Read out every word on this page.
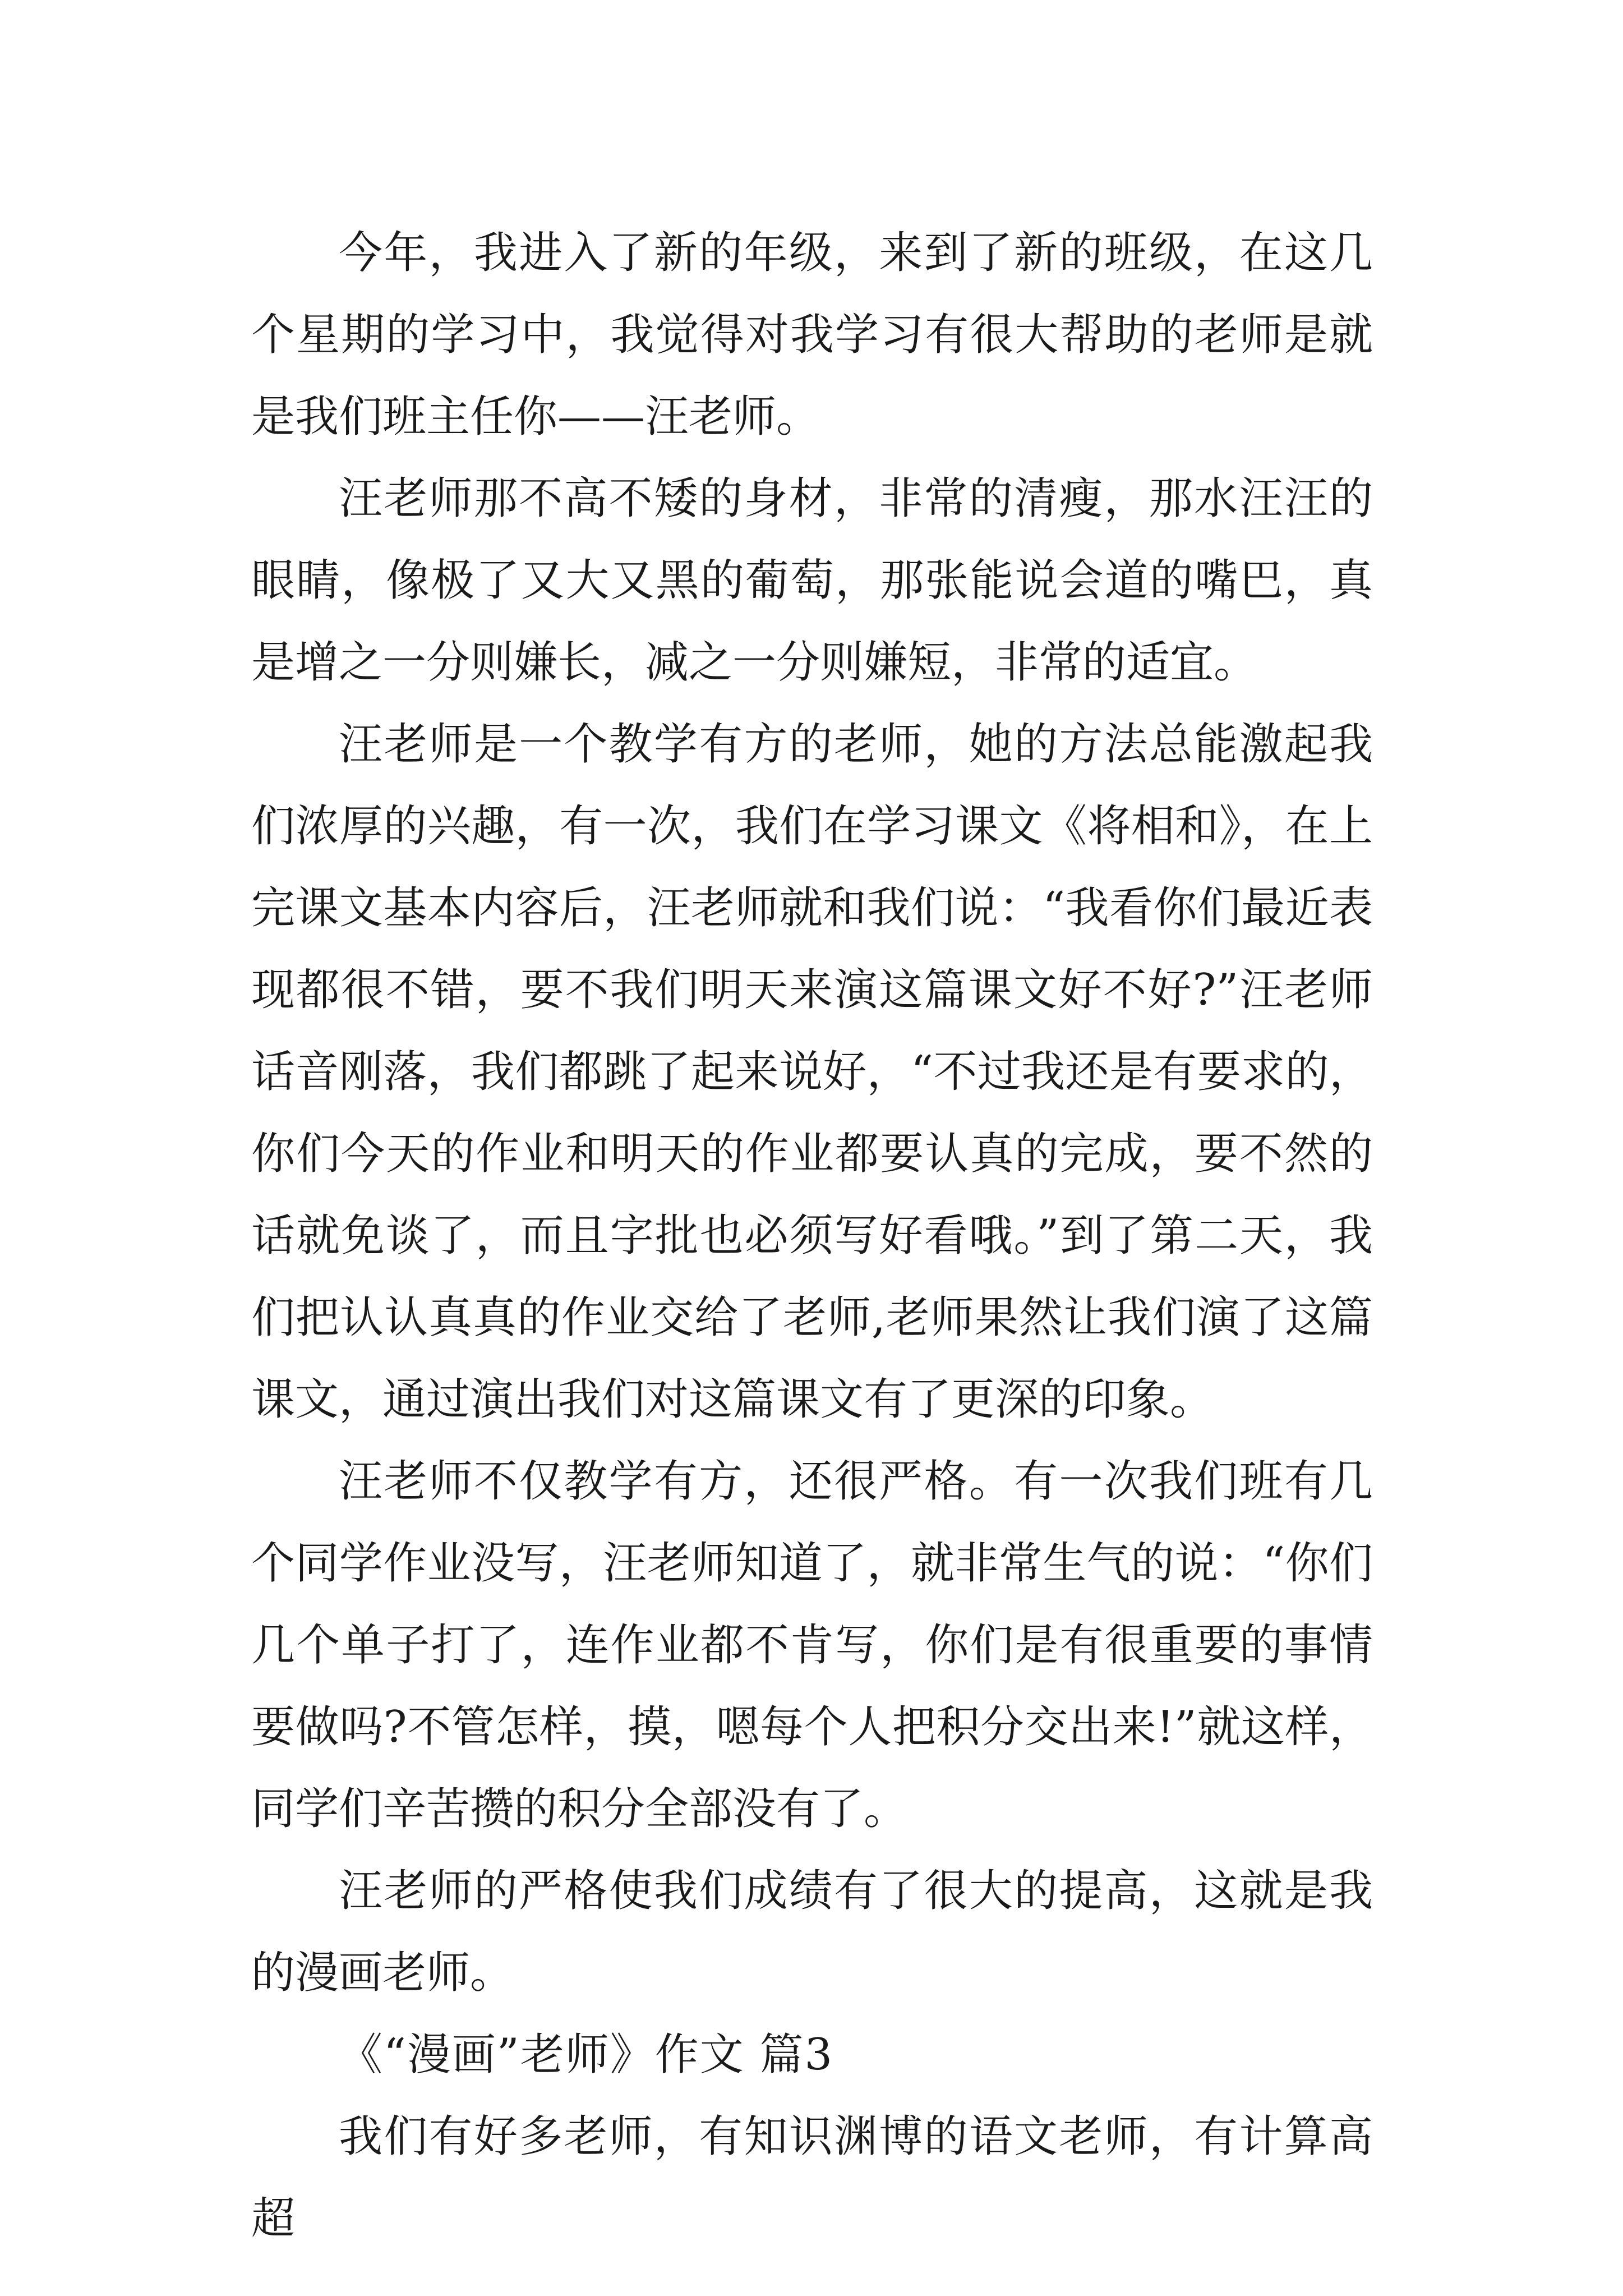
今年，我进入了新的年级，来到了新的班级，在这几个星期的学习中，我觉得对我学习有很大帮助的老师是就是我们班主任你——汪老师。

汪老师那不高不矮的身材，非常的清瘦，那水汪汪的眼睛，像极了又大又黑的葡萄，那张能说会道的嘴巴，真是增之一分则嫌长，减之一分则嫌短，非常的适宜。

汪老师是一个教学有方的老师，她的方法总能激起我们浓厚的兴趣，有一次，我们在学习课文《将相和》，在上完课文基本内容后，汪老师就和我们说：“我看你们最近表现都很不错，要不我们明天来演这篇课文好不好?”汪老师话音刚落，我们都跳了起来说好，“不过我还是有要求的，你们今天的作业和明天的作业都要认真的完成，要不然的话就免谈了，而且字批也必须写好看哦。”到了第二天，我们把认认真真的作业交给了老师,老师果然让我们演了这篇课文，通过演出我们对这篇课文有了更深的印象。

汪老师不仅教学有方，还很严格。有一次我们班有几个同学作业没写，汪老师知道了，就非常生气的说：“你们几个单子打了，连作业都不肯写，你们是有很重要的事情要做吗?不管怎样，摸，嗯每个人把积分交出来!”就这样，同学们辛苦攒的积分全部没有了。

汪老师的严格使我们成绩有了很大的提高，这就是我的漫画老师。

《“漫画”老师》作文 篇3

我们有好多老师，有知识渊博的语文老师，有计算高超
